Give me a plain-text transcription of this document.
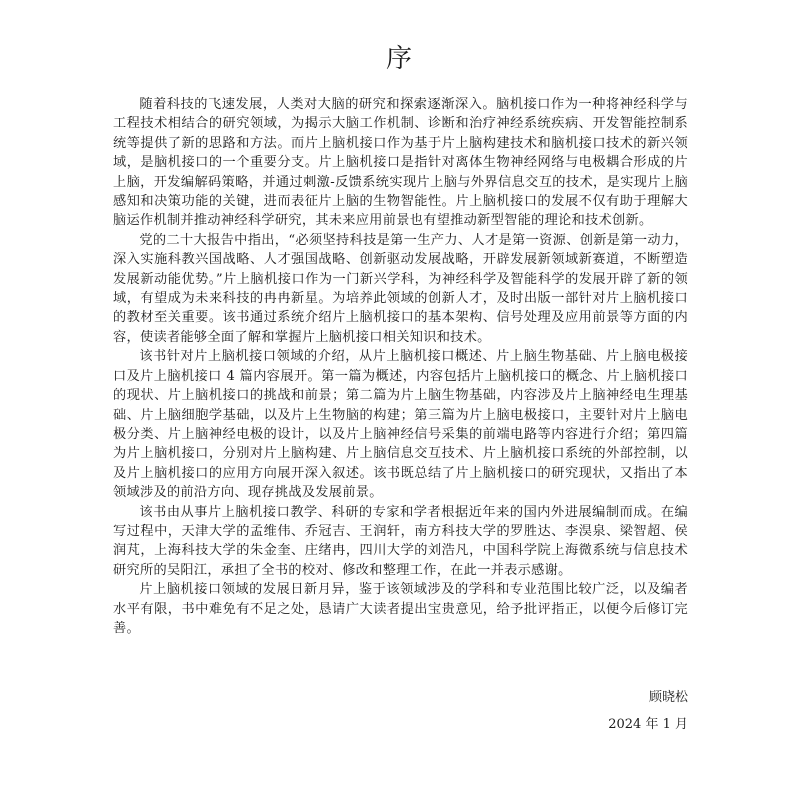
序

随着科技的飞速发展，人类对大脑的研究和探索逐渐深入。脑机接口作为一种将神经科学与工程技术相结合的研究领域，为揭示大脑工作机制、诊断和治疗神经系统疾病、开发智能控制系统等提供了新的思路和方法。而片上脑机接口作为基于片上脑构建技术和脑机接口技术的新兴领域，是脑机接口的一个重要分支。片上脑机接口是指针对离体生物神经网络与电极耦合形成的片上脑，开发编解码策略，并通过刺激-反馈系统实现片上脑与外界信息交互的技术，是实现片上脑感知和决策功能的关键，进而表征片上脑的生物智能性。片上脑机接口的发展不仅有助于理解大脑运作机制并推动神经科学研究，其未来应用前景也有望推动新型智能的理论和技术创新。

党的二十大报告中指出，“必须坚持科技是第一生产力、人才是第一资源、创新是第一动力，深入实施科教兴国战略、人才强国战略、创新驱动发展战略，开辟发展新领域新赛道，不断塑造发展新动能优势。”片上脑机接口作为一门新兴学科，为神经科学及智能科学的发展开辟了新的领域，有望成为未来科技的冉冉新星。为培养此领域的创新人才，及时出版一部针对片上脑机接口的教材至关重要。该书通过系统介绍片上脑机接口的基本架构、信号处理及应用前景等方面的内容，使读者能够全面了解和掌握片上脑机接口相关知识和技术。

该书针对片上脑机接口领域的介绍，从片上脑机接口概述、片上脑生物基础、片上脑电极接口及片上脑机接口 4 篇内容展开。第一篇为概述，内容包括片上脑机接口的概念、片上脑机接口的现状、片上脑机接口的挑战和前景；第二篇为片上脑生物基础，内容涉及片上脑神经电生理基础、片上脑细胞学基础，以及片上生物脑的构建；第三篇为片上脑电极接口，主要针对片上脑电极分类、片上脑神经电极的设计，以及片上脑神经信号采集的前端电路等内容进行介绍；第四篇为片上脑机接口，分别对片上脑构建、片上脑信息交互技术、片上脑机接口系统的外部控制，以及片上脑机接口的应用方向展开深入叙述。该书既总结了片上脑机接口的研究现状，又指出了本领域涉及的前沿方向、现存挑战及发展前景。

该书由从事片上脑机接口教学、科研的专家和学者根据近年来的国内外进展编制而成。在编写过程中，天津大学的孟维伟、乔冠吉、王润轩，南方科技大学的罗胜达、李淏泉、梁智超、侯润芃，上海科技大学的朱金奎、庄绪冉，四川大学的刘浩凡，中国科学院上海微系统与信息技术研究所的吴阳江，承担了全书的校对、修改和整理工作，在此一并表示感谢。

片上脑机接口领域的发展日新月异，鉴于该领域涉及的学科和专业范围比较广泛，以及编者水平有限，书中难免有不足之处，恳请广大读者提出宝贵意见，给予批评指正，以便今后修订完善。

顾晓松
2024 年 1 月
